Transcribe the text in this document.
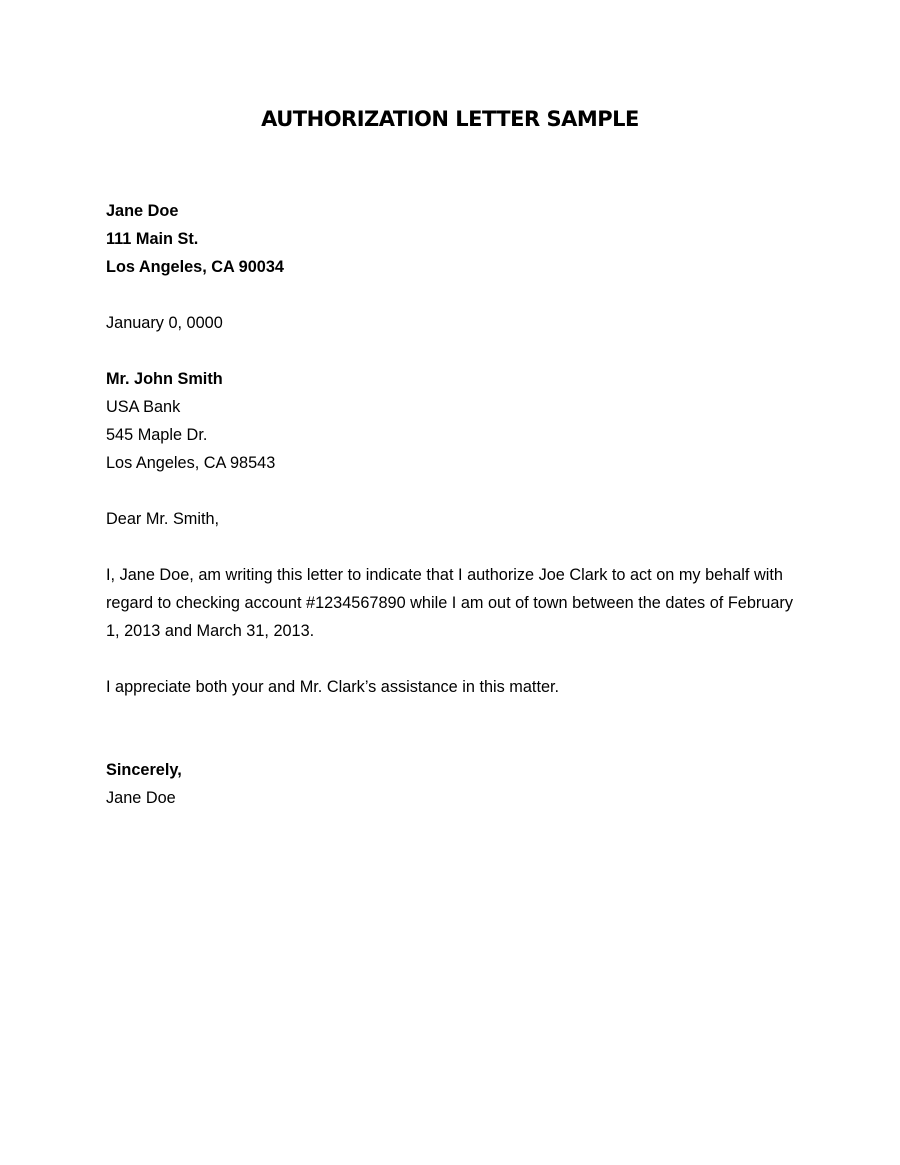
AUTHORIZATION LETTER SAMPLE
Jane Doe
111 Main St.
Los Angeles, CA 90034
January 0, 0000
Mr. John Smith
USA Bank
545 Maple Dr.
Los Angeles, CA 98543
Dear Mr. Smith,
I, Jane Doe, am writing this letter to indicate that I authorize Joe Clark to act on my behalf with
regard to checking account #1234567890 while I am out of town between the dates of February
1, 2013 and March 31, 2013.
I appreciate both your and Mr. Clark’s assistance in this matter.
Sincerely,
Jane Doe
